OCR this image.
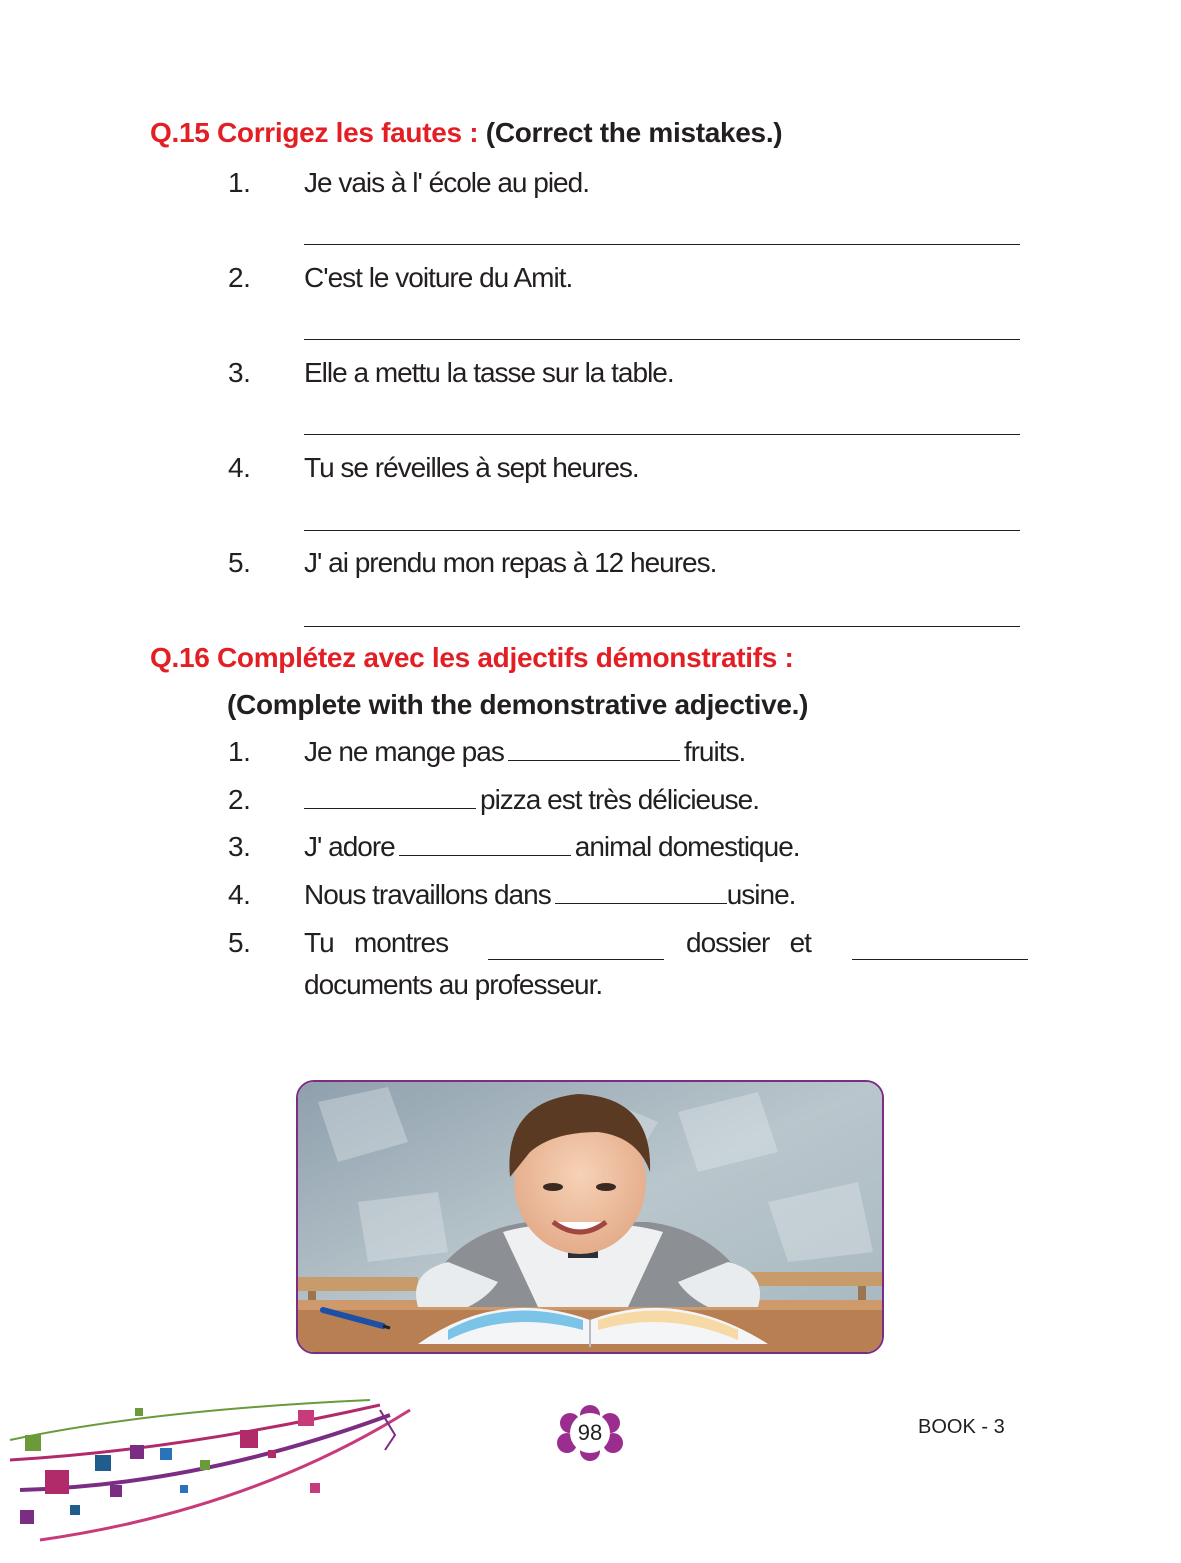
Q.15 Corrigez les fautes : (Correct the mistakes.)
1. Je vais à l' école au pied.
2. C'est le voiture du Amit.
3. Elle a mettu la tasse sur la table.
4. Tu se réveilles à sept heures.
5. J' ai prendu mon repas à 12 heures.
Q.16 Complétez avec les adjectifs démonstratifs :
(Complete with the demonstrative adjective.)
1. Je ne mange pas	fruits.
2.	pizza est très délicieuse.
3. J' adore	animal domestique.
4. Nous travaillons dans	usine.
5. Tu   montres	dossier   et
documents au professeur.
98	BOOK - 3
